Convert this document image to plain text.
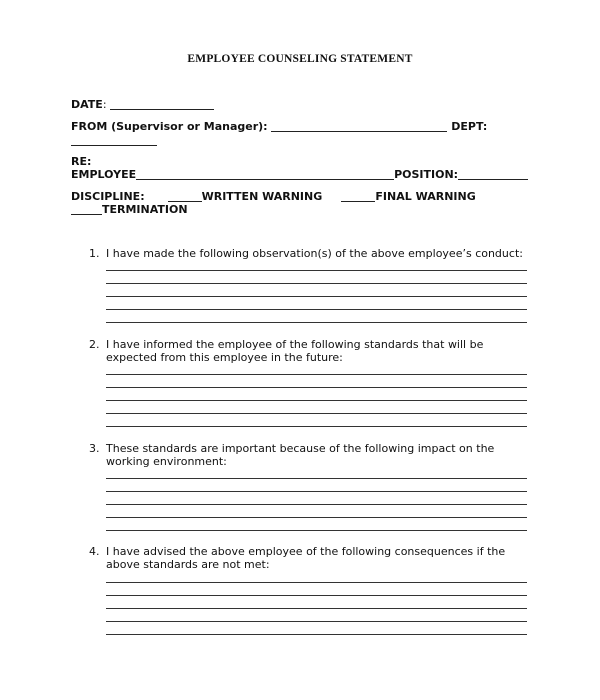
EMPLOYEE COUNSELING STATEMENT
DATE:
FROM (Supervisor or Manager):	DEPT:
RE:
EMPLOYEE	POSITION:
DISCIPLINE:	WRITTEN WARNING	FINAL WARNING
TERMINATION
1. I have made the following observation(s) of the above employee’s conduct:
2. I have informed the employee of the following standards that will be
expected from this employee in the future:
3. These standards are important because of the following impact on the
working environment:
4. I have advised the above employee of the following consequences if the
above standards are not met:
